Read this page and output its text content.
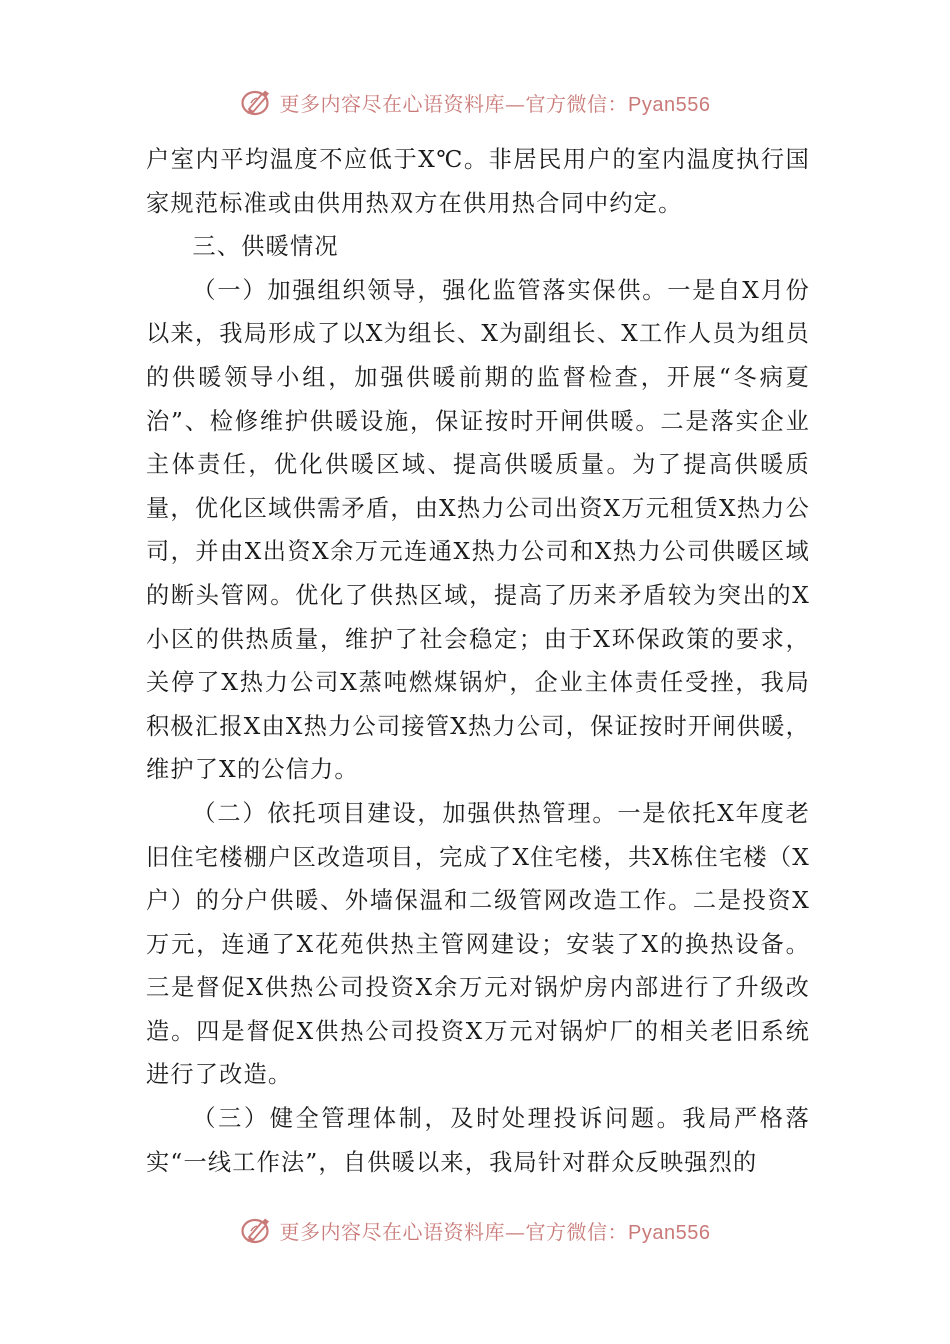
更多内容尽在心语资料库—官方微信：Pyan556

户室内平均温度不应低于X℃。非居民用户的室内温度执行国家规范标准或由供用热双方在供用热合同中约定。

三、供暖情况

（一）加强组织领导，强化监管落实保供。一是自X月份以来，我局形成了以X为组长、X为副组长、X工作人员为组员的供暖领导小组，加强供暖前期的监督检查，开展“冬病夏治”、检修维护供暖设施，保证按时开闸供暖。二是落实企业主体责任，优化供暖区域、提高供暖质量。为了提高供暖质量，优化区域供需矛盾，由X热力公司出资X万元租赁X热力公司，并由X出资X余万元连通X热力公司和X热力公司供暖区域的断头管网。优化了供热区域，提高了历来矛盾较为突出的X小区的供热质量，维护了社会稳定；由于X环保政策的要求，关停了X热力公司X蒸吨燃煤锅炉，企业主体责任受挫，我局积极汇报X由X热力公司接管X热力公司，保证按时开闸供暖，维护了X的公信力。

（二）依托项目建设，加强供热管理。一是依托X年度老旧住宅楼棚户区改造项目，完成了X住宅楼，共X栋住宅楼（X户）的分户供暖、外墙保温和二级管网改造工作。二是投资X万元，连通了X花苑供热主管网建设；安装了X的换热设备。三是督促X供热公司投资X余万元对锅炉房内部进行了升级改造。四是督促X供热公司投资X万元对锅炉厂的相关老旧系统进行了改造。

（三）健全管理体制，及时处理投诉问题。我局严格落实“一线工作法”，自供暖以来，我局针对群众反映强烈的

更多内容尽在心语资料库—官方微信：Pyan556
